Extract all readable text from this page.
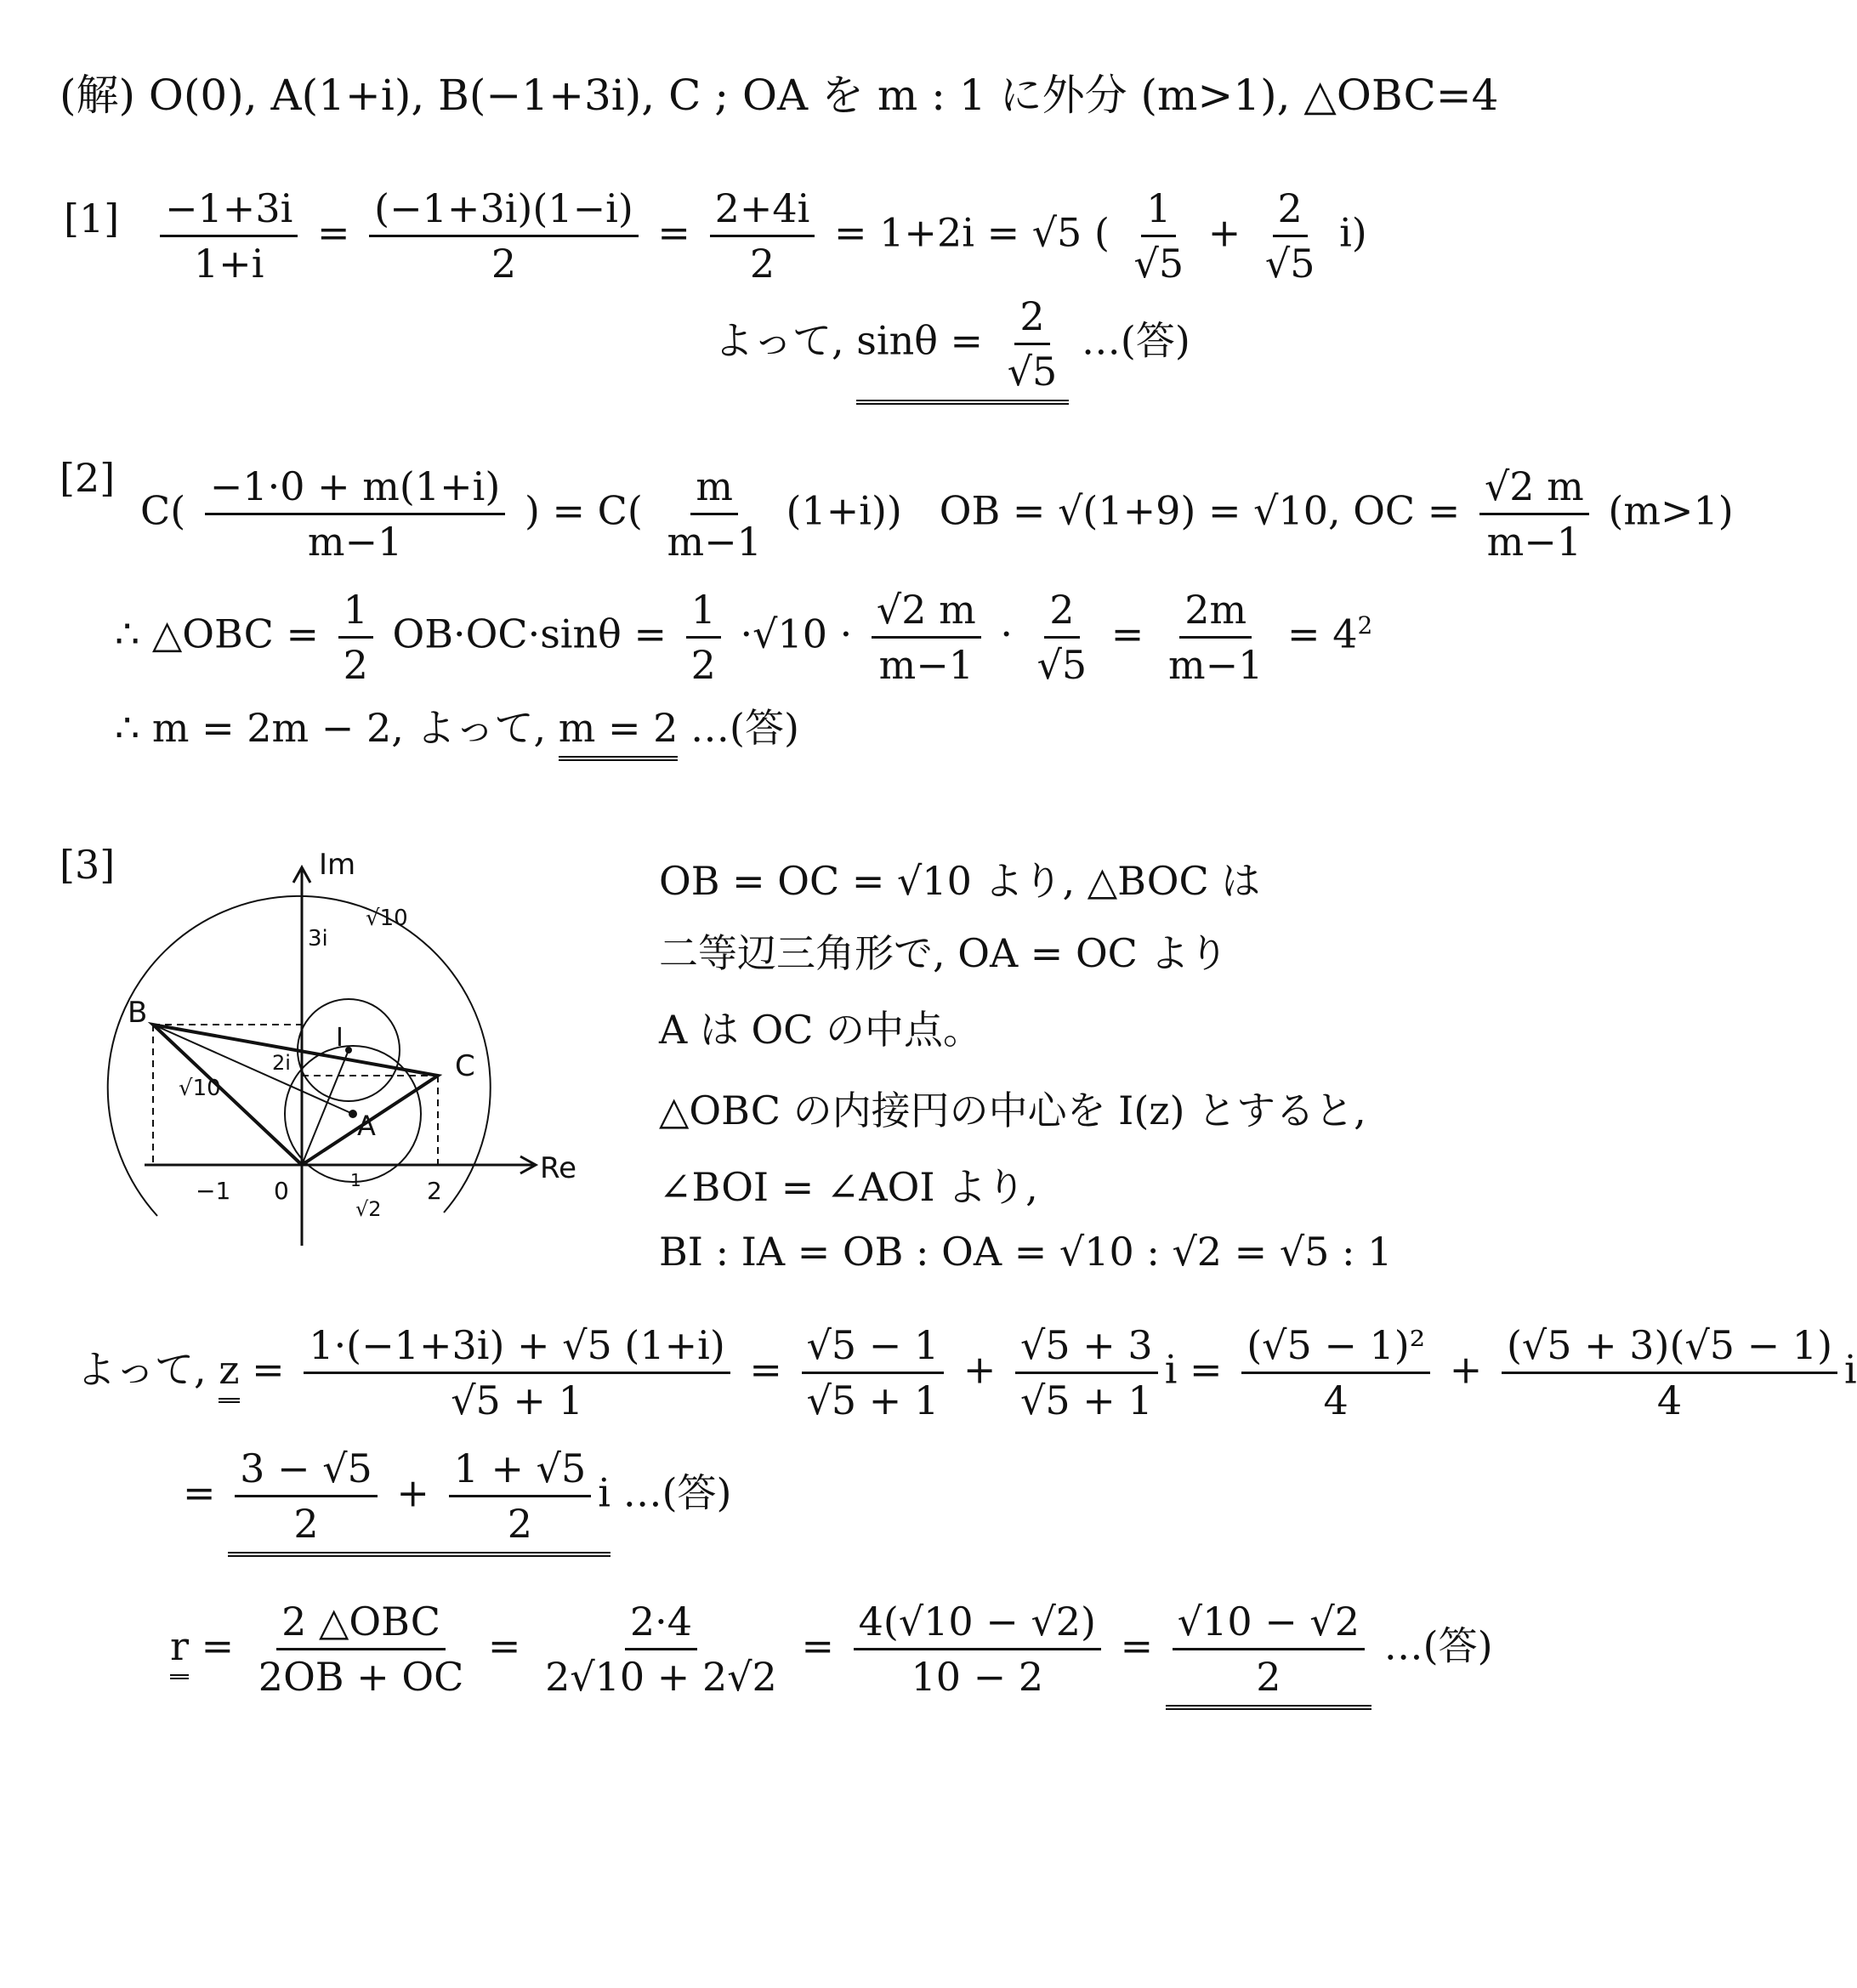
(解) O(0), A(1+i), B(−1+3i), C ; OA を m : 1 に外分 (m>1), △OBC=4
$[1] \frac{-1+3i}{1+i} = \frac{(-1+3i)(1-i)}{2} = \frac{2+4i}{2} = 1+2i = √5$ ( $\frac{1}{√5} + \frac{2}{√5} i$)
よって, $\sin\theta = \frac{2}{√5}$ …(答)
[2]
$C( \frac{-1\cdot 0 + m(1+i)}{m-1}$ ) = $C( \frac{m}{m-1} (1+i))$ OB = √(1+9) = √10, OC = $\frac{√2 m}{m-1} (m>1)$
∴ △OBC = $\frac{1}{2} OB\cdot OC\cdot\sin\theta = \frac{1}{2} \cdot√10 \cdot \frac{√2 m}{m-1} \cdot \frac{2}{√5} = \frac{2m}{m-1} = 4^2$
∴ m = 2m − 2, よって, m = 2 …(答)
[3]	Im
Re
B
C
A
I
0
3i
2i
√10
√10
−1	2
1
√2
OB = OC = √10 より, △BOC は
二等辺三角形で, OA = OC より
A は OC の中点。
△OBC の内接円の中心を I(z) とすると,
∠BOI = ∠AOI より,
BI : IA = OB : OA = √10 : √2 = √5 : 1
よって, $z = \frac{1\cdot(-1+3i) + √5 (1+i)}{√5 + 1} = \frac{√5 - 1}{√5 + 1} + \frac{√5 + 3}{√5 + 1}$ $i = \frac{\text{(√5 − 1)²}}{4} + \frac{(√5 + 3)(√5 - 1)}{4}$ i
= $\frac{3 - √5}{2} + \frac{1 + √5}{2}$ i …(答)
$r = \frac{\text{2 △OBC}}{2OB + OC} = \frac{2\cdot 4}{2√10 + 2√2} = \frac{4(√10 - √2)}{10 - 2} = \frac{√10 - √2}{2}$ …(答)
